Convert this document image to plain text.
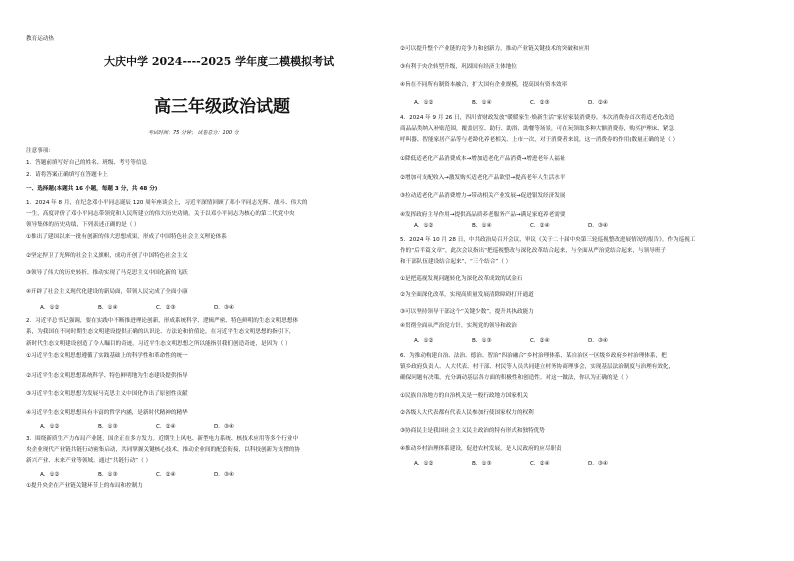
教育运动热
大庆中学 2024----2025 学年度二模模拟考试
高三年级政治试题
考试时间：75 分钟； 试卷总分：100 分
注意事项：
1．答题前填写好自己的姓名、班级、考号等信息
2．请将答案正确填写在答题卡上
一、选择题(本题共 16 小题，每题 3 分，共 48 分)
1．2024 年 8 月，在纪念邓小平同志诞辰 120 周年座谈会上，习近平深情回顾了邓小平同志光辉、战斗、伟大的
一生，高度评价了邓小平同志带领党和人民所建立的伟大历史功勋。关于以邓小平同志为核心的第二代党中央
领导集体的历史功绩，下列表述正确的是（ ）
①推出了建国以来一批有创新的伟大思想成果，形成了中国特色社会主义理论体系
②坚定捍卫了光辉的社会主义旗帜，成功开创了中国特色社会主义
③领导了伟大的历史转折，推动实现了马克思主义中国化新的飞跃
④开辟了社会主义现代化建设的新局面，带领人民完成了全面小康
2．习近平总书记强调，要在实践中不断推进理论创新，形成系统科学、逻辑严密、特色鲜明的生态文明思想体
系，为我国在不同时期生态文明建设提供正确的认识论、方法论和价值论。在习近平生态文明思想的指引下，
新时代生态文明建设创造了令人瞩目的奇迹。习近平生态文明思想之所以能指引我们创造奇迹，是因为（ ）
①习近平生态文明思想遵循了实践基础上的科学性和革命性的统一
②习近平生态文明思想系统科学、特色鲜明地为生态建设提供指导
③习近平生态文明思想为发展马克思主义中国化作出了原创性贡献
④习近平生态文明思想具有丰富的哲学内涵，是新时代精神的精华
3．围绕新质生产力布局产业链，国企正在多方发力。近期生上风电、新型电力系统、核技术应用等多个行业中
央企业现代产业链共链行动密集启动，共同掌握关键核心技术，推动企业间的配套衔接，以科技创新为支撑的协
新兴产业、未来产业等领域。通过“共链行动”（ ）
①提升央企在产业链关键环节上的布局和控制力
A．①②	B．①④	C．②③	D．③④
A．①②	B．①③	C．②④	D．③④
A．①②	B．①③	C．②④	D．③④
②可以提升整个产业链的竞争力和创新力，推动产业链关键技术的突破和应用
③有利于央企转型升级，巩固国有经济主体地位
④旨在不同所有制资本融合，扩大国有企业规模，提高国有资本效率
4．2024 年 9 月 26 日，四川省财政发放“暖暖家生·焕新生活”家居家装消费券，本次消费券首次将适老化改造
商品品类纳入补贴范围，覆盖居室、助行、助浴、助餐等场景，可在玩领取多种大额消费券，购买护理床、紧急
呼叫器、智能家居产品等与老龄化养老相关、上市一次，对于消费者来说，这一消费券的作用(数量正确的是（ ）
①降低适老化产品消费成本→增加适老化产品消费→增进老年人福祉
②增加可支配收入→激发购买适老化产品欲望→提高老年人生活水平
③拉动适老化产品消费增力→带动相关产业发展→促进银发经济发展
④发挥政府主导作用→提供高品质养老服务产品→满足家庭养老需要
5．2024 年 10 月 28 日，中共政治局召开会议，审议《关于二十届中央第三轮巡视整改进展情况的报告》。作为巡视工
作的“后半篇文章”，此次会议指出“把巡视整改与深化改革结合起来，与全面从严治党结合起来，与领导班子
和干部队伍建设结合起来”，“三个结合”（ ）
①是把巡视发现问题转化为深化改革成效的试金石
②为全面深化改革，实现高质量发展清除障碍打开通道
③可以坚持领导干部这个“关键少数”，提升其执政能力
④贯彻全面从严治党方针，实现党的领导和政治
6．为推动构建自治、法治、德治、智治“四治融合”乡村治理体系，某自治区一区级乡政府乡村治理体系，把
镇乡政府负责人、人大代表、村干部、村民等人员共同建立村务协商理事会，实现基层法治制度与治理有效化，
确保问题有决策，充分调动基层各方面的积极性和创造性。对这一做法，你认为正确的是（ ）
①民族自治地方的自治机关是一般行政地方国家机关
②各级人大代表都有代表人民参加行使国家权力的权利
③协商民主是我国社会主义民主政治的特有形式和独特优势
④推动乡村治理体系建设，促进农村发展，是人民政府的应尽职责
A．①②	B．①④	C．②③	D．②④
A．①②	B．①④	C．②④	D．③④
A．①②	B．①③	C．②④	D．③④
A．①②	B．①③	C．②④	D．③④
